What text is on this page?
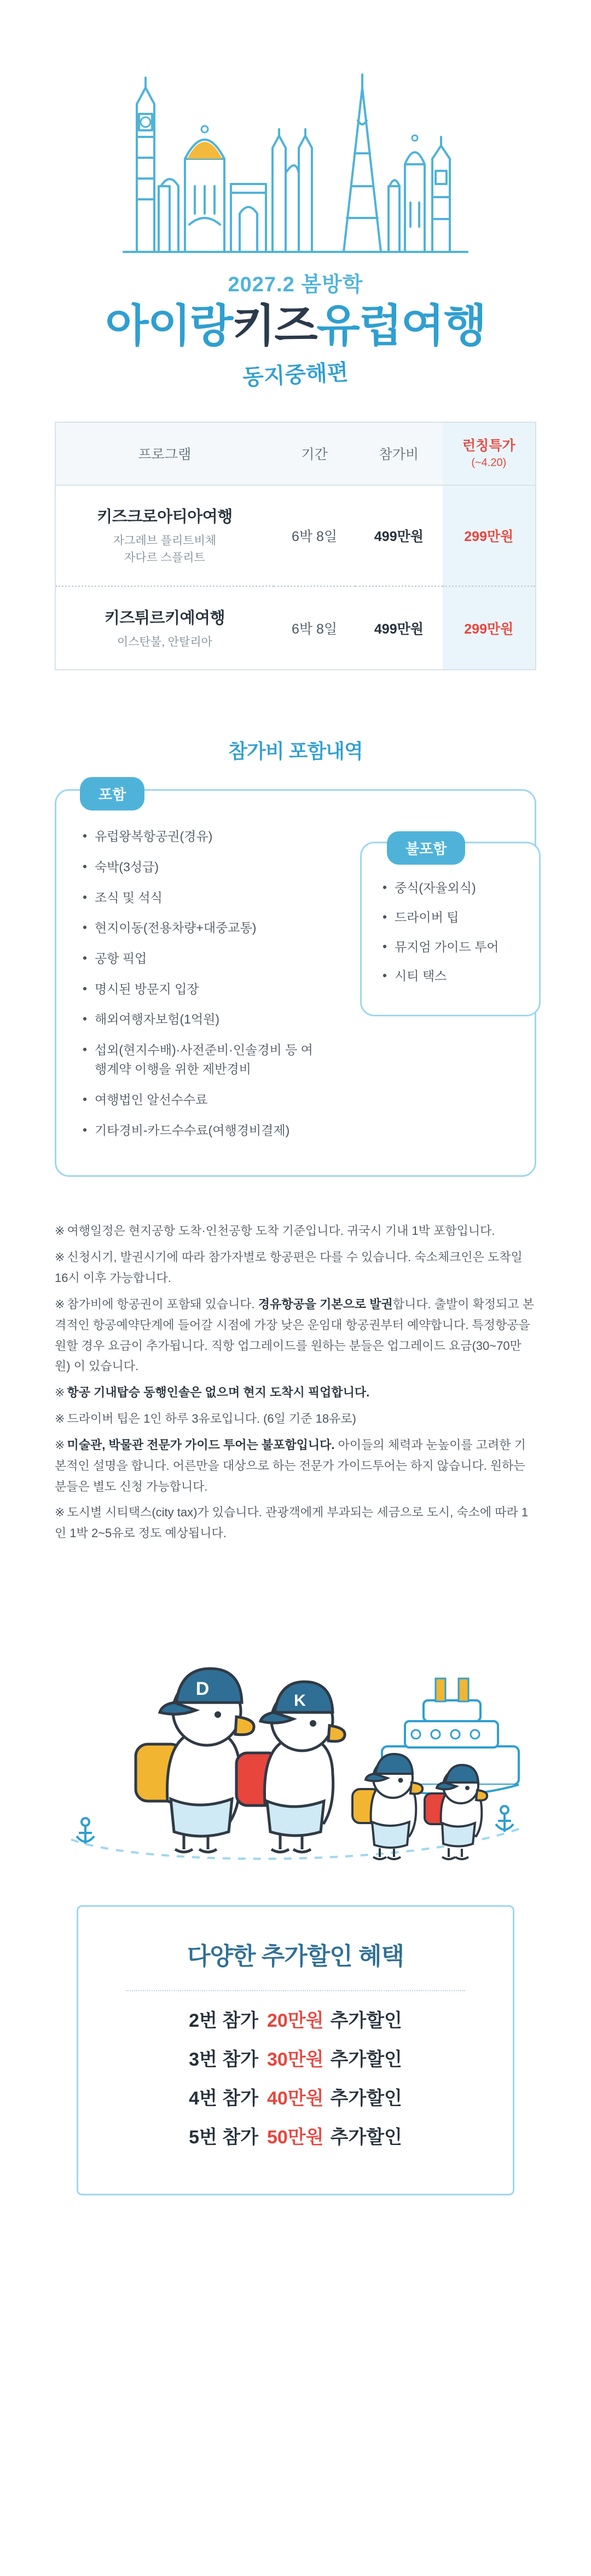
2027.2 봄방학
아이랑키즈유럽여행
동지중해편
프로그램	기간	참가비	런칭특가
(~4.20)

키즈크로아티아여행
자그레브 플리트비체
자다르 스플리트	6박 8일	499만원	299만원

키즈튀르키예여행
이스탄불, 안탈리아	6박 8일	499만원	299만원
참가비 포함내역
포함
• 유럽왕복항공권(경유)
• 숙박(3성급)
• 조식 및 석식
• 현지이동(전용차량+대중교통)
• 공항 픽업
• 명시된 방문지 입장
• 해외여행자보험(1억원)
• 섭외(현지수배)·사전준비·인솔경비 등 여행계약 이행을 위한 제반경비
• 여행법인 알선수수료
• 기타경비-카드수수료(여행경비결제)
불포함
• 중식(자율외식)
• 드라이버 팁
• 뮤지엄 가이드 투어
• 시티 택스

※ 여행일정은 현지공항 도착·인천공항 도착 기준입니다. 귀국시 기내 1박 포함입니다.

※ 신청시기, 발권시기에 따라 참가자별로 항공편은 다를 수 있습니다. 숙소체크인은 도착일 16시 이후 가능합니다.

※ 참가비에 항공권이 포함돼 있습니다. 경유항공을 기본으로 발권합니다. 출발이 확정되고 본격적인 항공예약단계에 들어갈 시점에 가장 낮은 운임대 항공권부터 예약합니다. 특정항공을 원할 경우 요금이 추가됩니다. 직항 업그레이드를 원하는 분들은 업그레이드 요금(30~70만원) 이 있습니다.

※ 항공 기내탑승 동행인솔은 없으며 현지 도착시 픽업합니다.

※ 드라이버 팁은 1인 하루 3유로입니다. (6일 기준 18유로)

※ 미술관, 박물관 전문가 가이드 투어는 불포함입니다. 아이들의 체력과 눈높이를 고려한 기본적인 설명을 합니다. 어른만을 대상으로 하는 전문가 가이드투어는 하지 않습니다. 원하는 분들은 별도 신청 가능합니다.

※ 도시별 시티택스(city tax)가 있습니다. 관광객에게 부과되는 세금으로 도시, 숙소에 따라 1인 1박 2~5유로 정도 예상됩니다.

D
K
다양한 추가할인 혜택
2번 참가 20만원 추가할인
3번 참가 30만원 추가할인
4번 참가 40만원 추가할인
5번 참가 50만원 추가할인
